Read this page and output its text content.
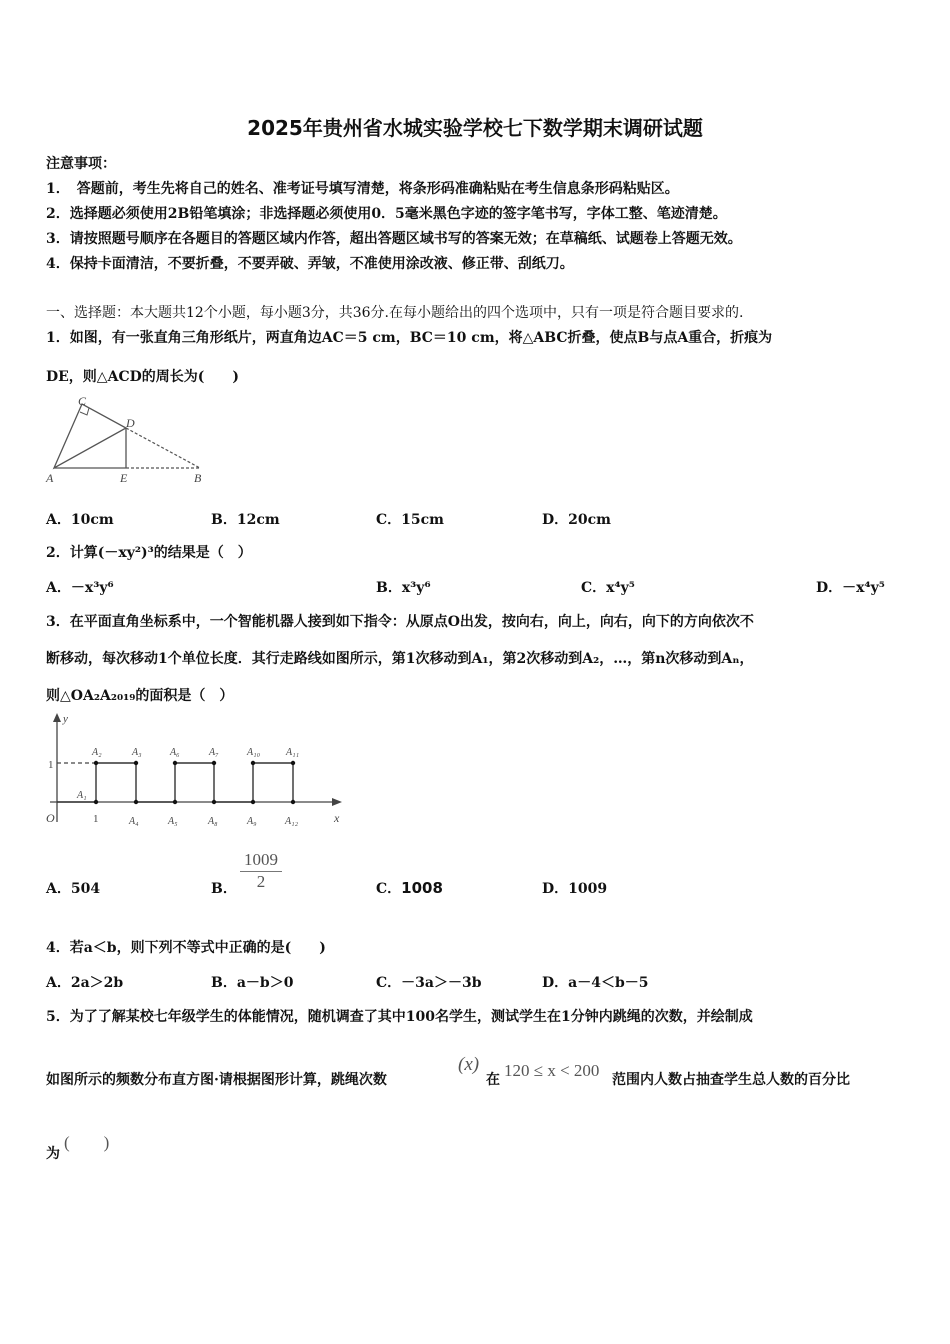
2025年贵州省水城实验学校七下数学期末调研试题
注意事项：
1．　答题前，考生先将自己的姓名、准考证号填写清楚，将条形码准确粘贴在考生信息条形码粘贴区。
2．选择题必须使用2B铅笔填涂；非选择题必须使用0．5毫米黑色字迹的签字笔书写，字体工整、笔迹清楚。
3．请按照题号顺序在各题目的答题区域内作答，超出答题区域书写的答案无效；在草稿纸、试题卷上答题无效。
4．保持卡面清洁，不要折叠，不要弄破、弄皱，不准使用涂改液、修正带、刮纸刀。
一、选择题：本大题共12个小题，每小题3分，共36分.在每小题给出的四个选项中，只有一项是符合题目要求的.
1．如图，有一张直角三角形纸片，两直角边AC＝5 cm，BC＝10 cm，将△ABC折叠，使点B与点A重合，折痕为
DE，则△ACD的周长为(　　)
C
D
A	E	B
A．10cm	B．12cm	C．15cm	D．20cm
2．计算(－xy²)³的结果是（　）
A．－x³y⁶	B．x³y⁶	C．x⁴y⁵	D．－x⁴y⁵
3．在平面直角坐标系中，一个智能机器人接到如下指令：从原点O出发，按向右，向上，向右，向下的方向依次不
断移动，每次移动1个单位长度．其行走路线如图所示，第1次移动到A₁，第2次移动到A₂，…，第n次移动到Aₙ，
则△OA₂A₂₀₁₉的面积是（　）
y
x
O	1
1
A₁
A₂	A₃	A₆	A₇	A₁₀	A₁₁
A₄	A₅	A₈	A₉	A₁₂
A．504	B． $\frac{1009}{2}$	C．1008	D．1009
4．若a＜b，则下列不等式中正确的是(　　)
A．2a＞2b	B．a－b＞0	C．－3a＞－3b	D．a－4＜b－5
5．为了了解某校七年级学生的体能情况，随机调查了其中100名学生，测试学生在1分钟内跳绳的次数，并绘制成
如图所示的频数分布直方图·请根据图形计算，跳绳次数
(x)
在 120 ≤ x < 200 范围内人数占抽查学生总人数的百分比
为
(　　)
